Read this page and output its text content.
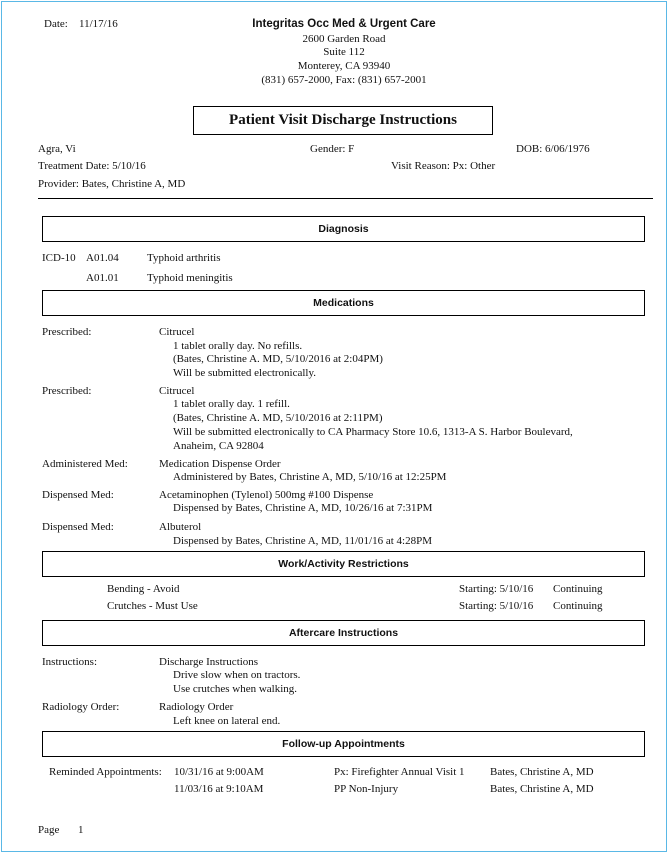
Date: 11/17/16	Integritas Occ Med & Urgent Care
2600 Garden Road
Suite 112
Monterey, CA 93940
(831) 657-2000, Fax: (831) 657-2001
Patient Visit Discharge Instructions
Agra, Vi	Gender: F	DOB: 6/06/1976
Treatment Date: 5/10/16	Visit Reason: Px: Other
Provider: Bates, Christine A, MD
Diagnosis
ICD-10 A01.04	Typhoid arthritis
A01.01	Typhoid meningitis
Medications
Prescribed:	Citrucel
1 tablet orally day. No refills.
(Bates, Christine A. MD, 5/10/2016 at 2:04PM)
Will be submitted electronically.
Prescribed:	Citrucel
1 tablet orally day. 1 refill.
(Bates, Christine A. MD, 5/10/2016 at 2:11PM)
Will be submitted electronically to CA Pharmacy Store 10.6, 1313-A S. Harbor Boulevard,
Anaheim, CA 92804
Administered Med:	Medication Dispense Order
Administered by Bates, Christine A, MD, 5/10/16 at 12:25PM
Dispensed Med:	Acetaminophen (Tylenol) 500mg #100 Dispense
Dispensed by Bates, Christine A, MD, 10/26/16 at 7:31PM
Dispensed Med:	Albuterol
Dispensed by Bates, Christine A, MD, 11/01/16 at 4:28PM
Work/Activity Restrictions
Bending - Avoid	Starting: 5/10/16 Continuing
Crutches - Must Use	Starting: 5/10/16 Continuing
Aftercare Instructions
Instructions:	Discharge Instructions
Drive slow when on tractors.
Use crutches when walking.
Radiology Order:	Radiology Order
Left knee on lateral end.
Follow-up Appointments
Reminded Appointments: 10/31/16 at 9:00AM	Px: Firefighter Annual Visit 1 Bates, Christine A, MD
11/03/16 at 9:10AM	PP Non-Injury	Bates, Christine A, MD
Page 1
